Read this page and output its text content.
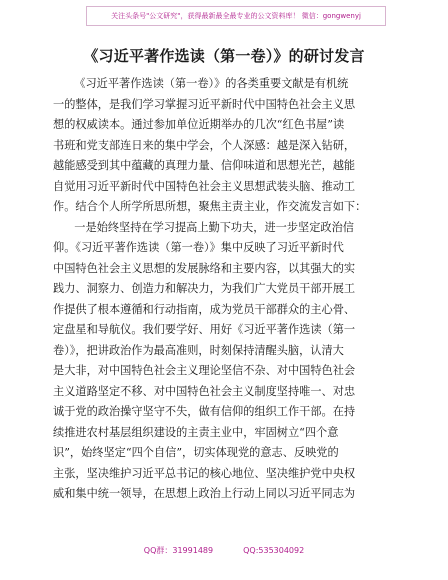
关注头条号"公文研究"，获得最新最全最专业的公文资料库！ 微信：gongwenyj
《习近平著作选读（第一卷）》的研讨发言
《习近平著作选读（第一卷）》的各类重要文献是有机统
一的整体，是我们学习掌握习近平新时代中国特色社会主义思
想的权威读本。通过参加单位近期举办的几次“红色书屋”读
书班和党支部连日来的集中学会，个人深感：越是深入钻研，
越能感受到其中蕴藏的真理力量、信仰味道和思想光芒，越能
自觉用习近平新时代中国特色社会主义思想武装头脑、推动工
作。结合个人所学所思所想，聚焦主责主业，作交流发言如下：
一是始终坚持在学习提高上勤下功夫，进一步坚定政治信
仰。《习近平著作选读（第一卷）》集中反映了习近平新时代
中国特色社会主义思想的发展脉络和主要内容，以其强大的实
践力、洞察力、创造力和解决力，为我们广大党员干部开展工
作提供了根本遵循和行动指南，成为党员干部群众的主心骨、
定盘星和导航仪。我们要学好、用好《习近平著作选读（第一
卷）》，把讲政治作为最高准则，时刻保持清醒头脑，认清大
是大非，对中国特色社会主义理论坚信不杂、对中国特色社会
主义道路坚定不移、对中国特色社会主义制度坚持唯一、对忠
诚于党的政治操守坚守不失，做有信仰的组织工作干部。在持
续推进农村基层组织建设的主责主业中，牢固树立“四个意
识”，始终坚定“四个自信”，切实体现党的意志、反映党的
主张，坚决维护习近平总书记的核心地位、坚决维护党中央权
威和集中统一领导，在思想上政治上行动上同以习近平同志为
QQ群：31991489	QQ:535304092
